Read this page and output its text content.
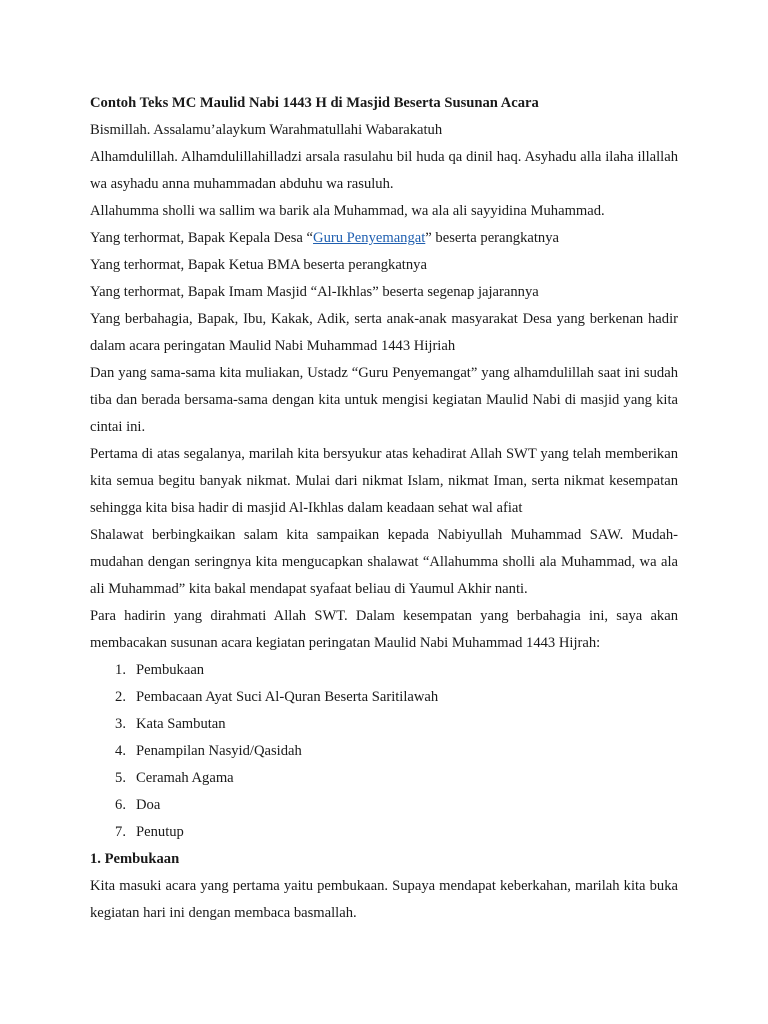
Contoh Teks MC Maulid Nabi 1443 H di Masjid Beserta Susunan Acara

Bismillah. Assalamu’alaykum Warahmatullahi Wabarakatuh

Alhamdulillah. Alhamdulillahilladzi arsala rasulahu bil huda qa dinil haq. Asyhadu alla ilaha illallah wa asyhadu anna muhammadan abduhu wa rasuluh.

Allahumma sholli wa sallim wa barik ala Muhammad, wa ala ali sayyidina Muhammad.

Yang terhormat, Bapak Kepala Desa “Guru Penyemangat” beserta perangkatnya

Yang terhormat, Bapak Ketua BMA beserta perangkatnya

Yang terhormat, Bapak Imam Masjid “Al-Ikhlas” beserta segenap jajarannya

Yang berbahagia, Bapak, Ibu, Kakak, Adik, serta anak-anak masyarakat Desa yang berkenan hadir dalam acara peringatan Maulid Nabi Muhammad 1443 Hijriah

Dan yang sama-sama kita muliakan, Ustadz “Guru Penyemangat” yang alhamdulillah saat ini sudah tiba dan berada bersama-sama dengan kita untuk mengisi kegiatan Maulid Nabi di masjid yang kita cintai ini.

Pertama di atas segalanya, marilah kita bersyukur atas kehadirat Allah SWT yang telah memberikan kita semua begitu banyak nikmat. Mulai dari nikmat Islam, nikmat Iman, serta nikmat kesempatan sehingga kita bisa hadir di masjid Al-Ikhlas dalam keadaan sehat wal afiat

Shalawat berbingkaikan salam kita sampaikan kepada Nabiyullah Muhammad SAW. Mudah-mudahan dengan seringnya kita mengucapkan shalawat “Allahumma sholli ala Muhammad, wa ala ali Muhammad” kita bakal mendapat syafaat beliau di Yaumul Akhir nanti.

Para hadirin yang dirahmati Allah SWT. Dalam kesempatan yang berbahagia ini, saya akan membacakan susunan acara kegiatan peringatan Maulid Nabi Muhammad 1443 Hijrah:

1. Pembukaan
2. Pembacaan Ayat Suci Al-Quran Beserta Saritilawah
3. Kata Sambutan
4. Penampilan Nasyid/Qasidah
5. Ceramah Agama
6. Doa
7. Penutup

1. Pembukaan

Kita masuki acara yang pertama yaitu pembukaan. Supaya mendapat keberkahan, marilah kita buka kegiatan hari ini dengan membaca basmallah.
